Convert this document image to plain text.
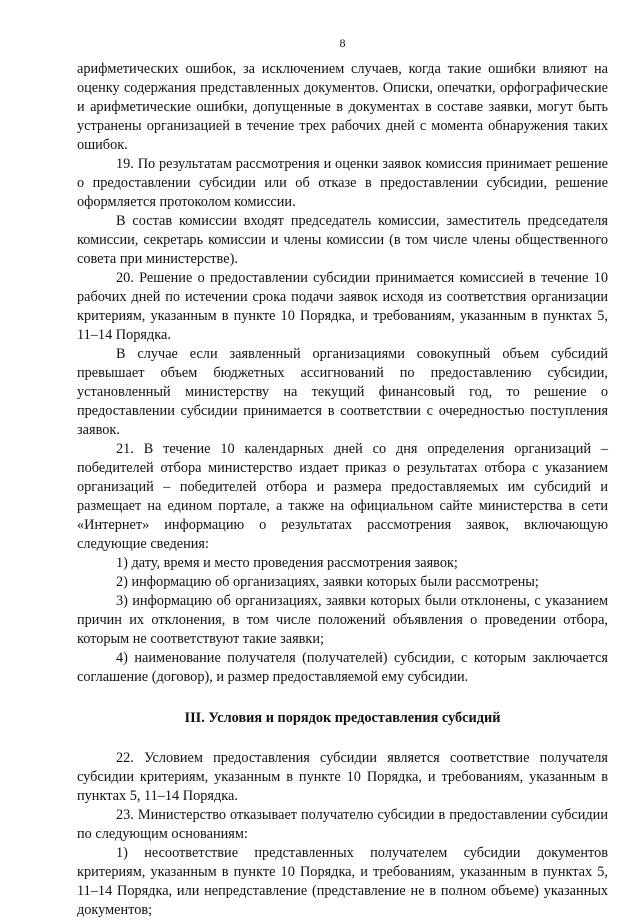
8

арифметических ошибок, за исключением случаев, когда такие ошибки влияют на оценку содержания представленных документов. Описки, опечатки, орфографические и арифметические ошибки, допущенные в документах в составе заявки, могут быть устранены организацией в течение трех рабочих дней с момента обнаружения таких ошибок.

19. По результатам рассмотрения и оценки заявок комиссия принимает решение о предоставлении субсидии или об отказе в предоставлении субсидии, решение оформляется протоколом комиссии.

В состав комиссии входят председатель комиссии, заместитель председателя комиссии, секретарь комиссии и члены комиссии (в том числе члены общественного совета при министерстве).

20. Решение о предоставлении субсидии принимается комиссией в течение 10 рабочих дней по истечении срока подачи заявок исходя из соответствия организации критериям, указанным в пункте 10 Порядка, и требованиям, указанным в пунктах 5, 11–14 Порядка.

В случае если заявленный организациями совокупный объем субсидий превышает объем бюджетных ассигнований по предоставлению субсидии, установленный министерству на текущий финансовый год, то решение о предоставлении субсидии принимается в соответствии с очередностью поступления заявок.

21. В течение 10 календарных дней со дня определения организаций – победителей отбора министерство издает приказ о результатах отбора с указанием организаций – победителей отбора и размера предоставляемых им субсидий и размещает на едином портале, а также на официальном сайте министерства в сети «Интернет» информацию о результатах рассмотрения заявок, включающую следующие сведения:

1) дату, время и место проведения рассмотрения заявок;

2) информацию об организациях, заявки которых были рассмотрены;

3) информацию об организациях, заявки которых были отклонены, с указанием причин их отклонения, в том числе положений объявления о проведении отбора, которым не соответствуют такие заявки;

4) наименование получателя (получателей) субсидии, с которым заключается соглашение (договор), и размер предоставляемой ему субсидии.

III. Условия и порядок предоставления субсидий

22. Условием предоставления субсидии является соответствие получателя субсидии критериям, указанным в пункте 10 Порядка, и требованиям, указанным в пунктах 5, 11–14 Порядка.

23. Министерство отказывает получателю субсидии в предоставлении субсидии по следующим основаниям:

1) несоответствие представленных получателем субсидии документов критериям, указанным в пункте 10 Порядка, и требованиям, указанным в пунктах 5, 11–14 Порядка, или непредставление (представление не в полном объеме) указанных документов;
